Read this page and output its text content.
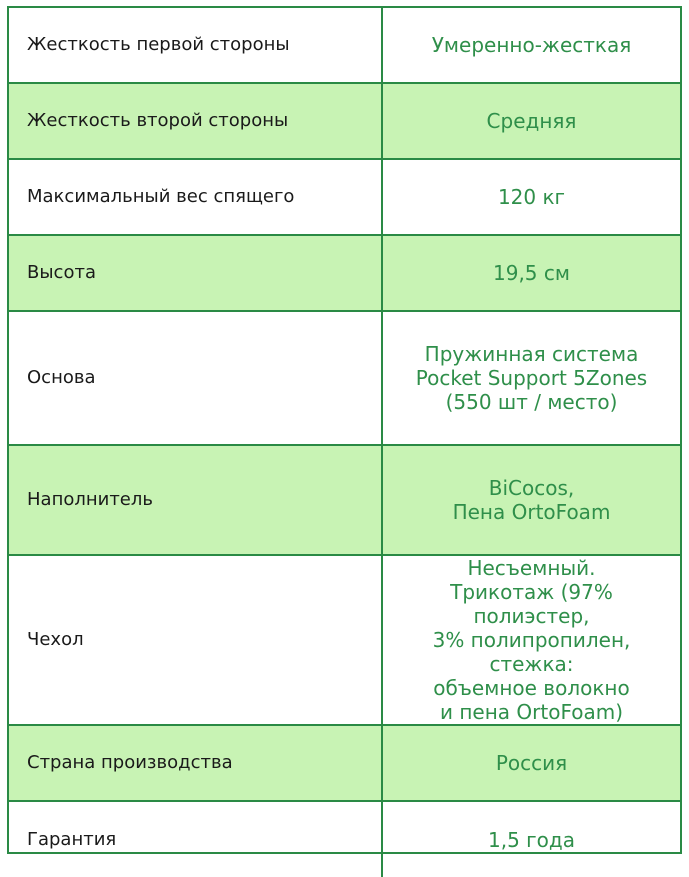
Жесткость первой стороны	Умеренно-жесткая

Жесткость второй стороны	Средняя

Максимальный вес спящего	120 кг

Высота	19,5 см

Основа	Пружинная система
Pocket Support 5Zones
(550 шт / место)

Наполнитель	BiCocos,
Пена OrtoFoam

Чехол	Несъемный.
Трикотаж (97% полиэстер,
3% полипропилен, стежка:
объемное волокно
и пена OrtoFoam)

Страна производства	Россия

Гарантия	1,5 года
